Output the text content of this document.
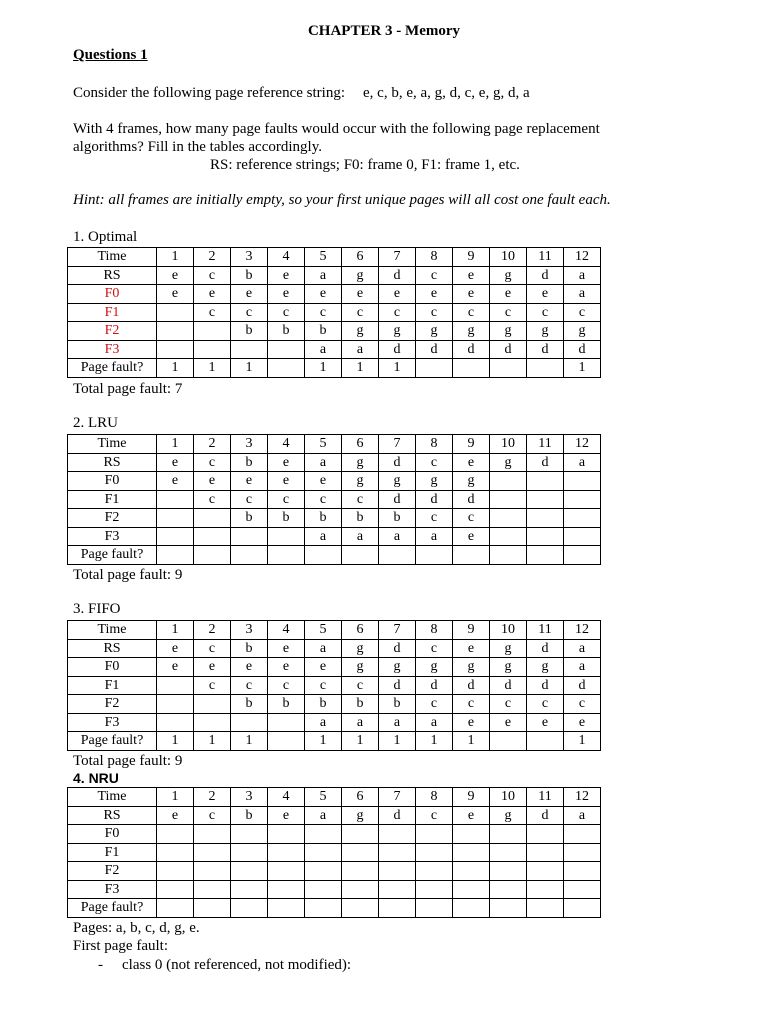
CHAPTER 3 - Memory
Questions 1
Consider the following page reference string: e, c, b, e, a, g, d, c, e, g, d, a
With 4 frames, how many page faults would occur with the following page replacement
algorithms? Fill in the tables accordingly.
RS: reference strings; F0: frame 0, F1: frame 1, etc.
Hint: all frames are initially empty, so your first unique pages will all cost one fault each.
1. Optimal
Time	1	2	3	4	5	6	7	8	9	10	11	12
RS	e	c	b	e	a	g	d	c	e	g	d	a
F0	e	e	e	e	e	e	e	e	e	e	e	a
F1		c	c	c	c	c	c	c	c	c	c	c
F2			b	b	b	g	g	g	g	g	g	g
F3					a	a	d	d	d	d	d	d
Page fault?	1	1	1		1	1	1					1
Total page fault: 7
2. LRU
Time	1	2	3	4	5	6	7	8	9	10	11	12
RS	e	c	b	e	a	g	d	c	e	g	d	a
F0	e	e	e	e	e	g	g	g	g			
F1		c	c	c	c	c	d	d	d			
F2			b	b	b	b	b	c	c			
F3					a	a	a	a	e			
Page fault?												
Total page fault: 9
3. FIFO
Time	1	2	3	4	5	6	7	8	9	10	11	12
RS	e	c	b	e	a	g	d	c	e	g	d	a
F0	e	e	e	e	e	g	g	g	g	g	g	a
F1		c	c	c	c	c	d	d	d	d	d	d
F2			b	b	b	b	b	c	c	c	c	c
F3					a	a	a	a	e	e	e	e
Page fault?	1	1	1		1	1	1	1	1			1
Total page fault: 9
4. NRU
Time	1	2	3	4	5	6	7	8	9	10	11	12
RS	e	c	b	e	a	g	d	c	e	g	d	a
F0												
F1												
F2												
F3												
Page fault?												
Pages: a, b, c, d, g, e.
First page fault:
- class 0 (not referenced, not modified):
